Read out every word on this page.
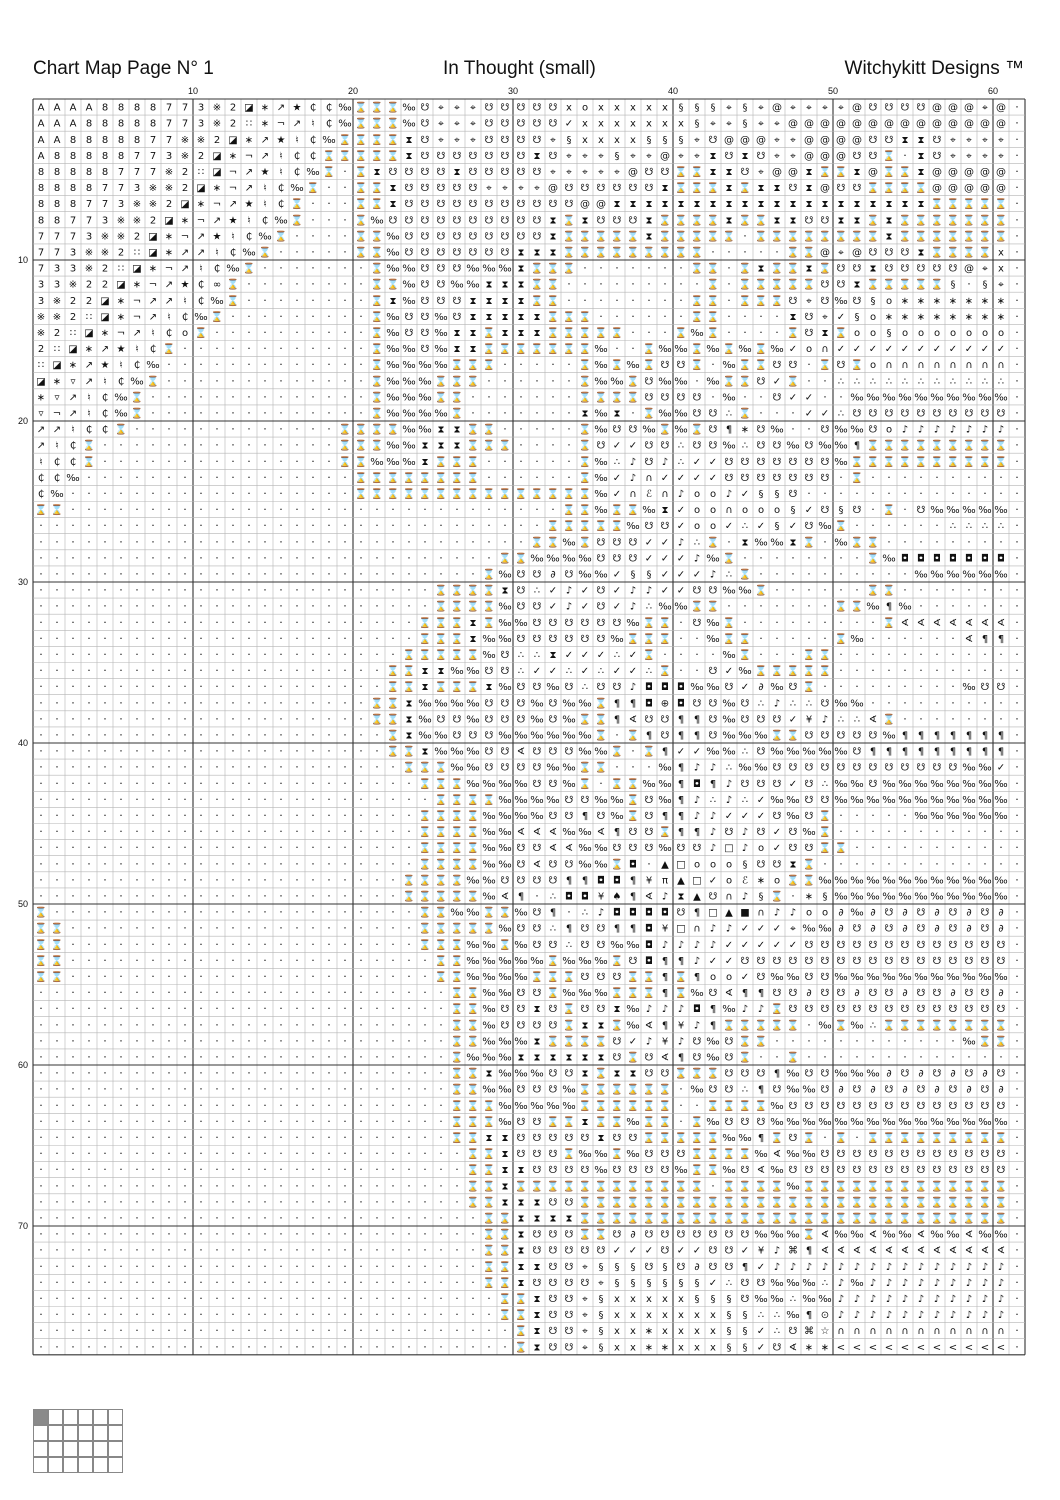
Chart Map Page N° 1	In Thought (small)	Witchykitt Designs ™
10	20	30	40	50	60
10
20
30
40
50
60
70
A A A A 8 8 8 8 7 7 3 ※ 2 ◪ ∗ ↗ ★ ₵ ₵ ‰ ⌛ ⌛ ⌛ ‰ ☋ ⌖ ⌖ ⌖ ☋ ☋ ☋ ☋ ☋ x o x x x x x § § § ⌖ § ⌖ @ ⌖ ⌖ ⌖ ⌖ @ ☋ ☋ ☋ ☋ @ @ @ ⌖ @ ·
A A A 8 8 8 8 8 7 7 3 ※ 2 ∷ ∗ ¬ ↗ ♮ ₵ ‰ ⌛ ⌛ ⌛ ‰ ☋ ⌖ ⌖ ⌖ ☋ ☋ ☋ ☋ ☋ ✓ x x x x x x x § ⌖ ⌖ § ⌖ ⌖ @ @ @ @ @ @ @ @ @ @ @ @ @ @ ·
A A 8 8 8 8 8 7 7 ※ ※ 2 ◪ ∗ ↗ ★ ♮ ₵ ‰ ⌛ ⌛ ⌛ ⌛ ⧗ ☋ ⌖ ⌖ ⌖ ☋ ☋ ☋ ☋ ⌖ § x x x x § § § ⌖ ☋ @ @ @ ⌖ ⌖ @ @ @ @ ☋ ☋ ⧗ ⧗ ☋ ⌖ ⌖ ⌖ ⌖ ·
A 8 8 8 8 8 7 7 3 ※ 2 ◪ ∗ ¬ ↗ ♮ ₵ ₵ ⌛ ⌛ ⌛ ⌛ ⌛ ⧗ ☋ ☋ ☋ ☋ ☋ ☋ ☋ ⧗ ☋ ⌖ ⌖ ⌖ § ⌖ ⌖ @ ⌖ ⌖ ⧗ ☋ ⧗ ☋ ⌖ ⌖ @ @ @ ☋ ☋ ⌛ · ⧗ ☋ ⌖ ⌖ ⌖ ⌖ ·
8 8 8 8 8 7 7 7 ※ 2 ∷ ◪ ¬ ↗ ★ ♮ ₵ ‰ ⌛ · ⌛ ⧗ ☋ ☋ ☋ ☋ ⧗ ☋ ☋ ☋ ☋ ☋ ⌖ ⌖ ⌖ ⌖ ⌖ @ ☋ ☋ ⌛ ⌛ ⧗ ⧗ ☋ ⌖ @ @ ⧗ ⌛ ⌛ ⧗ @ ⌛ ⌛ ⧗ @ @ @ @ @ ·
8 8 8 8 7 7 3 ※ ※ 2 ◪ ∗ ¬ ↗ ♮ ₵ ‰ ⌛ · · ⌛ ⌛ ⧗ ☋ ☋ ☋ ☋ ☋ ⌖ ⌖ ⌖ ⌖ @ ☋ ☋ ☋ ☋ ☋ ☋ ⧗ ⌛ ⌛ ⌛ ⧗ ⌛ ⧗ ⧗ ☋ ⧗ @ ☋ ☋ ⌛ ⌛ ⌛ ⌛ @ @ @ @ @ ·
8 8 8 7 7 3 ※ ※ 2 ◪ ∗ ¬ ↗ ★ ♮ ₵ ⌛ · · · ⌛ ⌛ ⧗ ☋ ☋ ☋ ☋ ☋ ☋ ☋ ☋ ☋ ☋ ☋ @ @ ⧗ ⧗ ⧗ ⧗ ⧗ ⧗ ⧗ ⧗ ⧗ ⧗ ⧗ ⧗ ⧗ ⧗ ⧗ ⧗ ⧗ ⧗ ⧗ ⧗ ⌛ ⌛ ⌛ ⌛ ⌛ ·
8 8 7 7 3 ※ ※ 2 ◪ ∗ ¬ ↗ ★ ♮ ₵ ‰ ⌛ · · · ⌛ ‰ ☋ ☋ ☋ ☋ ☋ ☋ ☋ ☋ ☋ ☋ ⧗ ⌛ ⧗ ☋ ☋ ☋ ⧗ ⌛ ⌛ ⌛ ⌛ ⧗ ⌛ ⌛ ⧗ ⧗ ☋ ☋ ⧗ ⧗ ⌛ ⧗ ⌛ ⌛ ⌛ ⌛ ⌛ ⌛ ⌛ ·
7 7 7 3 ※ ※ 2 ◪ ∗ ¬ ↗ ★ ♮ ₵ ‰ ⌛ · · · · ⌛ ⌛ ‰ ☋ ☋ ☋ ☋ ☋ ☋ ☋ ☋ ☋ ⧗ ⌛ ⌛ ⌛ ⌛ ⌛ ⧗ ⌛ ⌛ ⌛ ⌛ ⌛ · ⌛ ⌛ ⌛ ⌛ ⌛ ⌛ ⌛ ⌛ ⧗ ⌛ ⌛ ⌛ ⌛ ⌛ ⌛ ⌛ ·
7 7 3 ※ ※ 2 ∷ ◪ ∗ ↗ ↗ ♮ ₵ ‰ ⌛ · · · · · ⌛ ⌛ ‰ ☋ ☋ ☋ ☋ ☋ ☋ ☋ ⧗ ⧗ ⧗ ⌛ ⌛ ⌛ ⌛ ⌛ ⌛ ⌛ ⌛ ⌛ · · · · · ⌛ ⌛ @ ⌖ @ ☋ ☋ ☋ ⧗ ⌛ ⌛ ⌛ ⌛ x ·
7 3 3 ※ 2 ∷ ◪ ∗ ¬ ↗ ♮ ₵ ‰ ⌛ · · · · · · · ⌛ ‰ ‰ ☋ ☋ ☋ ‰ ‰ ‰ ⧗ ⌛ ⌛ ⌛ · · · · · · · ⌛ ⌛ · ⌛ ⧗ ⌛ ⌛ ⧗ ⌛ ☋ ☋ ⧗ ☋ ☋ ☋ ☋ ☋ @ ⌖ x ·
3 3 ※ 2 2 ◪ ∗ ¬ ↗ ★ ₵ ∞ ⌛ · · · · · · · · ⌛ ⌛ ‰ ☋ ☋ ‰ ‰ ⧗ ⧗ ⧗ ⌛ ⌛ · · · · · · · · · ⌛ · ⌛ ⌛ ⌛ ⌛ ⌛ ☋ ☋ ⧗ ⌛ ⌛ ⌛ ⌛ ⌛ § · § ⌖ ·
3 ※ 2 2 ◪ ∗ ¬ ↗ ↗ ♮ ₵ ‰ ⌛ · · · · · · · · ⌛ ⧗ ‰ ☋ ☋ ☋ ⧗ ⧗ ⧗ ⧗ ⌛ ⌛ · · · · · · · · ⌛ ⌛ · ⌛ ⌛ ⌛ ☋ ⌖ ☋ ‰ ☋ § o ∗ ∗ ∗ ∗ ∗ ∗ ∗ ·
※ ※ 2 ∷ ◪ ∗ ¬ ↗ ♮ ₵ ‰ ⌛ · · · · · · · · · ⌛ ‰ ☋ ☋ ‰ ☋ ⧗ ⧗ ⧗ ⧗ ⧗ ⌛ ⌛ ⌛ · · · · · · ⌛ ⌛ · · · · ⧗ ☋ ⌖ ✓ § o ∗ ∗ ∗ ∗ ∗ ∗ ∗ ∗ ·
※ 2 ∷ ◪ ∗ ¬ ↗ ♮ ₵ o ⌛ · · · · · · · · · · ⌛ ‰ ☋ ☋ ‰ ⧗ ⧗ ⌛ ⧗ ⧗ ⧗ ⌛ ⌛ ⌛ ⌛ ⌛ · · · ⌛ ‰ ⌛ · · · · ⌛ ☋ ⧗ ⌛ o o § o o o o o o o ·
2 ∷ ◪ ∗ ↗ ★ ♮ ₵ ⌛ · · · · · · · · · · · · ⌛ ‰ ‰ ☋ ‰ ⧗ ⧗ ⌛ ⌛ ⌛ ⌛ ⌛ ⌛ ⌛ ‰ · · ⌛ ‰ ‰ ⌛ ‰ ⌛ ‰ ⌛ ‰ ✓ o ∩ ✓ ✓ ✓ ✓ ✓ ✓ ✓ ✓ ✓ ✓ ✓ ·
∷ ◪ ∗ ↗ ★ ♮ ₵ ‰ · · · · · · · · · · · · · ⌛ ‰ ‰ ‰ ‰ ⌛ ⌛ ⌛ · · · · · ⌛ ‰ ⌛ ‰ ⌛ ☋ ☋ ⌛ · ‰ ⌛ ⌛ ☋ ☋ · ⌛ ☋ ⌛ o ∩ ∩ ∩ ∩ ∩ ∩ ∩ ∩ ·
◪ ∗ ▿ ↗ ♮ ₵ ‰ ⌛ · · · · · · · · · · · · · ⌛ ‰ ‰ ‰ ⌛ ⌛ ⌛ · · · · · · ⌛ ‰ ‰ ⌛ ☋ ‰ ‰ · ‰ ⌛ ⌛ ☋ ✓ ⌛ · · ∴ ∴ ∴ ∴ ∴ ∴ ∴ ∴ ∴ ∴ ∴ ·
∗ ▿ ↗ ♮ ₵ ‰ ⌛ · · · · · · · · · · · · · · ⌛ ‰ ‰ ‰ ⌛ ⌛ · · · · · · · ⌛ ⌛ ⌛ ⌛ ☋ ☋ ☋ ☋ · ‰ · · ☋ ✓ ✓ · · ‰ ‰ ‰ ‰ ‰ ‰ ‰ ‰ ‰ ‰ ·
▿ ¬ ↗ ♮ ₵ ‰ ⌛ · · · · · · · · · · · · · · ⌛ ‰ ‰ ‰ ‰ ⌛ · · · · · · · ⧗ ‰ ⧗ · ⌛ ‰ ‰ ☋ ☋ ∴ ⌛ · · · ✓ ✓ ∴ ☋ ☋ ☋ ☋ ☋ ☋ ☋ ☋ ☋ ☋ ·
↗ ↗ ♮ ₵ ₵ ⌛ · · · · · · · · · · · · · ⌛ ⌛ ⌛ ⌛ ‰ ‰ ⧗ ⧗ ⌛ ⌛ · · · · · ⌛ ‰ ☋ ☋ ‰ ⌛ ‰ ⌛ ☋ ¶ ∗ ☋ ‰ · · ☋ ‰ ‰ ☋ o ♪ ♪ ♪ ♪ ♪ ♪ ♪ ·
↗ ♮ ₵ ⌛ · · · · · · · · · · · · · · · ⌛ ⌛ ⌛ ‰ ‰ ⧗ ⧗ ⧗ ⌛ ⌛ ⌛ · · · · ⌛ ☋ ✓ ✓ ☋ ☋ ∴ ☋ ☋ ‰ ∴ ☋ ☋ ‰ ☋ ‰ ‰ ¶ ⌛ ⌛ ⌛ ⌛ ⌛ ⌛ ⌛ ⌛ ⌛ ·
♮ ₵ ₵ ⌛ · · · · · · · · · · · · · · · ⌛ ⌛ ‰ ‰ ‰ ⧗ ⌛ ⌛ ⌛ · · · · · · ⌛ ‰ ∴ ♪ ☋ ♪ ∴ ✓ ✓ ☋ ☋ ☋ ☋ ☋ ☋ ☋ ‰ ⌛ ⌛ ⌛ ⌛ ⌛ ⌛ ⌛ ⌛ ⌛ ⌛ ·
₵ ₵ ‰ · · · · · · · · · · · · · · · · · ⌛ ⌛ ⌛ ⌛ ⌛ ⌛ ⌛ ⌛ · · · · · · ⌛ ‰ ✓ ♪ ∩ ✓ ✓ ✓ ✓ ☋ ☋ ☋ ☋ ☋ ☋ ☋ · ⌛ · · · · · · · · · ·
₵ ‰ · · · · · · · · · · · · · · · · · · ⌛ ⌛ ⌛ ⌛ ⌛ ⌛ ⌛ ⌛ ⌛ ⌛ ⌛ ⌛ ⌛ ⌛ ⌛ ‰ ✓ ∩ ℰ ∩ ♪ o o ♪ ✓ § § ☋ · · · · · · · · · · · · · ·
⌛ ⌛ · · · · · · · · · · · · · · · · · · · · · · · · · · · · · · · ⌛ ⌛ ‰ ⌛ ⌛ ‰ ⧗ ✓ o o ∩ o o o § ✓ ☋ § ☋ · ⌛ · ☋ ‰ ‰ ‰ ‰ ‰ ·
· · · · · · · · · · · · · · · · · · · · · · · · · · · · · · · · ⌛ ⌛ ⌛ ⌛ ⌛ ‰ ☋ ☋ ✓ o o ✓ ∴ ✓ § ✓ ☋ ‰ ⌛ · · · · · · ∴ ∴ ∴ ∴ ·
· · · · · · · · · · · · · · · · · · · · · · · · · · · · · · · ⌛ ⌛ ‰ ⌛ ☋ ☋ ☋ ✓ ✓ ♪ ∴ ⌛ · ⧗ ‰ ‰ ⧗ ⌛ · ‰ ⌛ ⌛ · · · · · · · · ·
· · · · · · · · · · · · · · · · · · · · · · · · · · · · · ⌛ ⌛ ‰ ‰ ‰ ‰ ☋ ☋ ☋ ✓ ✓ ✓ ♪ ‰ ⌛ · · · · · · · · ⌛ ‰ ◘ ◘ ◘ ◘ ◘ ◘ ◘ ·
· · · · · · · · · · · · · · · · · · · · · · · · · · · · ⌛ ‰ ☋ ☋ ∂ ☋ ‰ ‰ ✓ § § ✓ ✓ ✓ ♪ ∴ ⌛ · · · · · · · · · · ‰ ‰ ‰ ‰ ‰ ‰ ·
· · · · · · · · · · · · · · · · · · · · · · · · · ⌛ ⌛ ⌛ ⌛ ⧗ ☋ ∴ ✓ ♪ ✓ ☋ ✓ ♪ ♪ ✓ ✓ ☋ ☋ ‰ ‰ ⌛ · · · · · · ⌛ ⌛ · · · · · · · ·
· · · · · · · · · · · · · · · · · · · · · · · · · ⌛ ⌛ ⌛ ⌛ ‰ ☋ ☋ ✓ ♪ ✓ ☋ ✓ ♪ ∴ ‰ ‰ ⌛ ⌛ · · · · · · · ⌛ ⌛ ‰ ¶ ‰ · · · · · · ·
· · · · · · · · · · · · · · · · · · · · · · · · ⌛ ⌛ ⌛ ⧗ ⌛ ‰ ‰ ☋ ☋ ☋ ☋ ☋ ☋ ‰ ⌛ ⌛ · ☋ ‰ ⌛ · · · · · · · · · ⌛ ∢ ∢ ∢ ∢ ∢ ∢ ∢ ·
· · · · · · · · · · · · · · · · · · · · · · · · ⌛ ⌛ ⌛ ⧗ ‰ ‰ ☋ ☋ ☋ ☋ ☋ ☋ ‰ ⌛ ⌛ ⌛ · · ‰ ⌛ ⌛ · · · · · ⌛ ‰ · · · · · · ∢ ¶ ¶ ·
· · · · · · · · · · · · · · · · · · · · · · · ⌛ ⌛ ⌛ ⌛ ⌛ ‰ ☋ ∴ ∴ ⧗ ✓ ✓ ✓ ∴ ✓ ⌛ · · · · ‰ ⌛ · · · ⌛ ⌛ · · · · · · · · · · · ·
· · · · · · · · · · · · · · · · · · · · · · ⌛ ⌛ ⧗ ⧗ ‰ ‰ ☋ ☋ ∴ ✓ ✓ ∴ ✓ ∴ ✓ ✓ ∴ ⌛ · · ☋ ✓ ‰ ⌛ ⌛ ⌛ ⌛ ⌛ · · · · · · · · · · · ·
· · · · · · · · · · · · · · · · · · · · · · ⌛ ⌛ ⧗ ⌛ ⌛ ⌛ ⧗ ‰ ☋ ☋ ‰ ☋ ∴ ☋ ☋ ♪ ◘ ◘ ◘ ‰ ‰ ☋ ✓ ∂ ‰ ☋ ⌛ · · · · · · · · · ‰ ☋ ☋ ·
· · · · · · · · · · · · · · · · · · · · · ⌛ ⌛ ⧗ ‰ ‰ ‰ ‰ ☋ ☋ ☋ ‰ ☋ ‰ ‰ ⌛ ¶ ¶ ◘ ⊕ ◘ ☋ ☋ ‰ ☋ ∴ ♪ ∴ ∴ ☋ ‰ ‰ · · · · · · · · · ·
· · · · · · · · · · · · · · · · · · · · · ⌛ ⌛ ⧗ ‰ ☋ ☋ ‰ ☋ ☋ ☋ ‰ ☋ ‰ ⌛ ⌛ ¶ ∢ ☋ ☋ ¶ ¶ ☋ ‰ ☋ ☋ ☋ ✓ ¥ ♪ ∴ ∴ ∢ ⌛ · · · · · · · ·
· · · · · · · · · · · · · · · · · · · · · · ⌛ ⧗ ‰ ‰ ☋ ☋ ☋ ‰ ‰ ‰ ‰ ‰ ‰ ⌛ · ⌛ ¶ ☋ ¶ ¶ ☋ ‰ ‰ ‰ ⌛ ⌛ ☋ ☋ ☋ ☋ ☋ ‰ ¶ ¶ ¶ ¶ ¶ ¶ ¶ ·
· · · · · · · · · · · · · · · · · · · · · · ⌛ ⌛ ⧗ ‰ ‰ ‰ ☋ ☋ ∢ ☋ ☋ ☋ ‰ ‰ ⌛ · ⌛ ¶ ✓ ✓ ‰ ‰ ∴ ☋ ‰ ‰ ‰ ‰ ‰ ☋ ¶ ¶ ¶ ¶ ¶ ¶ ¶ ¶ ¶ ·
· · · · · · · · · · · · · · · · · · · · · · · ⌛ ⌛ ⌛ ‰ ‰ ☋ ☋ ☋ ☋ ‰ ‰ ⌛ ⌛ · · · ‰ ¶ ♪ ♪ ∴ ‰ ‰ ☋ ☋ ☋ ☋ ☋ ☋ ☋ ☋ ☋ ☋ ☋ ☋ ‰ ‰ ✓ ·
· · · · · · · · · · · · · · · · · · · · · · · · ⌛ ⌛ ⌛ ‰ ‰ ‰ ‰ ☋ ☋ ‰ ⌛ · ⌛ ⌛ ‰ ‰ ¶ ◘ ¶ ♪ ☋ ☋ ☋ ✓ ☋ ∴ ‰ ‰ ☋ ‰ ‰ ‰ ‰ ‰ ‰ ‰ ‰ ·
· · · · · · · · · · · · · · · · · · · · · · · · · ⌛ ⌛ ⌛ ⌛ ‰ ‰ ‰ ‰ ☋ ☋ ‰ ‰ ⌛ ☋ ‰ ¶ ♪ ∴ ♪ ∴ ✓ ‰ ‰ ☋ ☋ ‰ ‰ ‰ ‰ ‰ ‰ ‰ ‰ ‰ ‰ ‰ ·
· · · · · · · · · · · · · · · · · · · · · · · · ⌛ ⌛ ⌛ ⌛ ‰ ‰ ‰ ‰ ☋ ☋ ¶ ☋ ‰ ⌛ ☋ ¶ ¶ ♪ ♪ ✓ ✓ ✓ ☋ ‰ ☋ ⌛ · · · · · ‰ ‰ ‰ ‰ ‰ ‰ ·
· · · · · · · · · · · · · · · · · · · · · · · · ⌛ ⌛ ⌛ ⌛ ‰ ‰ ∢ ∢ ∢ ‰ ‰ ∢ ¶ ☋ ☋ ⌛ ¶ ¶ ♪ ☋ ♪ ☋ ✓ ☋ ‰ ⌛ · · · · · · · · · · · ·
· · · · · · · · · · · · · · · · · · · · · · · · ⌛ ⌛ ⌛ ⌛ ‰ ‰ ☋ ☋ ∢ ∢ ‰ ‰ ☋ ☋ ☋ ‰ ☋ ☋ ♪ □ ♪ o ✓ ☋ ☋ ⌛ ⌛ · · · · · · · · · · ·
· · · · · · · · · · · · · · · · · · · · · · · · ⌛ ⌛ ⌛ ⌛ ‰ ‰ ☋ ∢ ☋ ☋ ‰ ‰ ⌛ ◘ · ▲ □ o o o § ☋ ☋ ⧗ ⌛ · · · · · · · · · · · · ·
· · · · · · · · · · · · · · · · · · · · · · · ⌛ ⌛ ⌛ ⌛ ‰ ‰ ☋ ☋ ☋ ☋ ¶ ¶ ◘ ◘ ¶ ¥ π ▲ □ ✓ o ℰ ∗ o ⌛ ⌛ ‰ ‰ ‰ ‰ ‰ ‰ ‰ ‰ ‰ ‰ ‰ ‰ ·
· · · · · · · · · · · · · · · · · · · · · · · ⌛ ⌛ ⌛ ⌛ ⌛ ‰ ∢ ¶ · ∴ ◘ ◘ ¥ ♠ ¶ ∢ ♪ ⧗ ▲ ☋ ∩ ♪ § ⌛ · ∗ § ‰ ‰ ‰ ‰ ‰ ‰ ‰ ‰ ‰ ‰ ‰ ·
⌛ · · · · · · · · · · · · · · · · · · · · · · · ⌛ ⌛ ‰ ‰ ⌛ ⌛ ‰ ☋ ¶ · ∴ ♪ ◘ ◘ ◘ ◘ ☋ ¶ □ ▲ ■ ∩ ♪ ♪ o o ∂ ‰ ∂ ☋ ∂ ☋ ∂ ☋ ∂ ☋ ∂ ·
⌛ ⌛ · · · · · · · · · · · · · · · · · · · · · · ⌛ ⌛ ⌛ ⌛ ⌛ ‰ ☋ ☋ ∴ ¶ ☋ ☋ ¶ ¶ ◘ ¥ □ ∩ ♪ ♪ ✓ ✓ ✓ ⌖ ‰ ‰ ∂ ☋ ∂ ☋ ∂ ☋ ∂ ☋ ∂ ☋ ∂ ·
⌛ ⌛ · · · · · · · · · · · · · · · · · · · · · · ⌛ ⌛ ⌛ ‰ ‰ ⌛ ‰ ☋ ☋ ∴ ☋ ☋ ‰ ‰ ◘ ♪ ♪ ♪ ♪ ✓ ✓ ✓ ✓ ✓ ☋ ☋ ☋ ☋ ☋ ☋ ☋ ☋ ☋ ☋ ☋ ☋ ☋ ·
⌛ ⌛ · · · · · · · · · · · · · · · · · · · · · · · ⌛ ⌛ ‰ ‰ ‰ ‰ ‰ ⌛ ‰ ‰ ‰ ⌛ ☋ ◘ ¶ ¶ ♪ ✓ ✓ ☋ ☋ ☋ ☋ ☋ ☋ ☋ ☋ ☋ ☋ ☋ ☋ ☋ ☋ ☋ ☋ ☋ ·
⌛ ⌛ · · · · · · · · · · · · · · · · · · · · · · · ⌛ ⌛ ‰ ‰ ‰ ‰ ⌛ ⌛ ⌛ ☋ ☋ ☋ ⌛ ⌛ ¶ ⌛ ¶ o o ✓ ☋ ‰ ‰ ☋ ☋ ‰ ‰ ‰ ‰ ‰ ‰ ‰ ‰ ‰ ‰ ‰ ·
· · · · · · · · · · · · · · · · · · · · · · · · · · ⌛ ⌛ ‰ ‰ ☋ ☋ ⌛ ‰ ‰ ‰ ⌛ ⌛ ⌛ ¶ ⌛ ‰ ☋ ∢ ¶ ¶ ☋ ☋ ∂ ☋ ☋ ∂ ☋ ☋ ∂ ☋ ☋ ∂ ☋ ☋ ∂ ·
· · · · · · · · · · · · · · · · · · · · · · · · · · ⌛ ⌛ ‰ ☋ ☋ ⧗ ☋ ⌛ ☋ ☋ ⧗ ‰ ♪ ♪ ♪ ◘ ¶ ‰ ♪ ♪ ⌛ ☋ ☋ ☋ ☋ ☋ ☋ ☋ ☋ ☋ ☋ ☋ ☋ ☋ ☋ ·
· · · · · · · · · · · · · · · · · · · · · · · · · · ⌛ ⌛ ‰ ☋ ☋ ☋ ☋ ⌛ ⧗ ⧗ ⌛ ‰ ∢ ¶ ¥ ♪ ¶ ⌛ ⌛ ⌛ ⌛ ⌛ · ‰ ⌛ ‰ ∴ ⌛ ⌛ ⌛ ⌛ ⌛ ⌛ ⌛ ⌛ ·
· · · · · · · · · · · · · · · · · · · · · · · · · · ⌛ ⌛ ‰ ‰ ‰ ⧗ ⌛ ⌛ ⌛ ⌛ ☋ ✓ ♪ ¥ ♪ ☋ ‰ ☋ ⌛ ⌛ · · · · · · · · · · · · ‰ ⌛ ⌛ ·
· · · · · · · · · · · · · · · · · · · · · · · · · · ⌛ ‰ ‰ ‰ ⧗ ⧗ ⧗ ⧗ ⧗ ⧗ ☋ ⌛ ☋ ∢ ¶ ☋ ‰ ☋ ⌛ · · ⌛ · · · · · · · · · · · · · ·
· · · · · · · · · · · · · · · · · · · · · · · · · · ⌛ ⌛ ⧗ ‰ ‰ ‰ ☋ ☋ ⧗ ⌛ ⧗ ⧗ ☋ ☋ ⌛ ⌛ ⌛ ☋ ☋ ☋ ¶ ‰ ☋ ☋ ‰ ‰ ‰ ∂ ☋ ∂ ☋ ∂ ☋ ∂ ☋ ·
· · · · · · · · · · · · · · · · · · · · · · · · · · ⌛ ⌛ ‰ ‰ ☋ ☋ ☋ ‰ ⌛ ⌛ ⌛ ⌛ ⌛ ⌛ · ‰ ☋ ☋ ∴ ¶ ☋ ‰ ‰ ☋ ∂ ☋ ∂ ☋ ∂ ☋ ∂ ☋ ∂ ☋ ∂ ·
· · · · · · · · · · · · · · · · · · · · · · · · · · ⌛ ⌛ ⌛ ‰ ‰ ‰ ‰ ‰ ⌛ ⌛ ⌛ ⌛ ⌛ ⌛ · · ⌛ ⌛ ⌛ ⌛ ‰ ☋ ☋ ☋ ☋ ☋ ☋ ☋ ☋ ☋ ☋ ☋ ☋ ☋ ☋ ·
· · · · · · · · · · · · · · · · · · · · · · · · · · ⌛ ⌛ ⌛ ‰ ☋ ☋ ⌛ ⌛ ⧗ ⌛ ⌛ ‰ ⌛ ⌛ · ⌛ ‰ ☋ ☋ ☋ ‰ ‰ ‰ ‰ ‰ ‰ ‰ ‰ ‰ ‰ ‰ ‰ ‰ ‰ ‰ ·
· · · · · · · · · · · · · · · · · · · · · · · · · · ⌛ ⌛ ⧗ ⧗ ☋ ☋ ☋ ☋ ☋ ⧗ ☋ ☋ ⌛ ⌛ ⌛ ⌛ ⌛ ‰ ‰ ¶ ⌛ ☋ ⌛ · ⌛ · ⌛ ⌛ ⌛ ⌛ ⌛ ⌛ ⌛ ⌛ ⌛ ·
· · · · · · · · · · · · · · · · · · · · · · · · · · · ⌛ ⌛ ⧗ ☋ ☋ ☋ ⌛ ‰ ‰ ⌛ ‰ ☋ ☋ ☋ ⌛ ⌛ ⌛ ⌛ ‰ ∢ ‰ ‰ ☋ ☋ ☋ ☋ ☋ ☋ ☋ ☋ ☋ ☋ ☋ ☋ ·
· · · · · · · · · · · · · · · · · · · · · · · · · · · ⌛ ⌛ ⧗ ⧗ ☋ ☋ ☋ ☋ ‰ ☋ ☋ ☋ ☋ ‰ ⌛ ⌛ ‰ ☋ ∢ ‰ ☋ ☋ ☋ ☋ ☋ ☋ ☋ ☋ ☋ ☋ ☋ ☋ ☋ ☋ ·
· · · · · · · · · · · · · · · · · · · · · · · · · · · ⌛ ⌛ ⧗ ⌛ ⌛ ⌛ ⌛ ⌛ ⌛ ⌛ ⌛ ⌛ ⌛ ⌛ ⌛ · ⌛ ⌛ ⌛ ⌛ ‰ ⌛ ⌛ ⌛ ⌛ ⌛ ⌛ ⌛ ⌛ ⌛ ⌛ ⌛ ⌛ ⌛ ·
· · · · · · · · · · · · · · · · · · · · · · · · · · · ⌛ ⌛ ⧗ ⧗ ⧗ ☋ ☋ ⌛ ⌛ ⌛ ⌛ ⌛ ⌛ ⌛ ⌛ ⌛ ⌛ ⌛ ⌛ ⌛ ⌛ ⌛ ⌛ ⌛ ⌛ ⌛ ⌛ ⌛ ⌛ ⌛ ⌛ ⌛ ⌛ ⌛ ·
· · · · · · · · · · · · · · · · · · · · · · · · · · · · ⌛ ⌛ ⧗ ⧗ ⧗ ⧗ ⌛ ⌛ ⌛ ⌛ ⌛ ⌛ ⌛ ⌛ ⌛ ⌛ ⌛ ⌛ ⌛ ⌛ ⌛ ⌛ ⌛ ⌛ ⌛ ⌛ ⌛ ⌛ ⌛ ⌛ ⌛ ⌛ ⌛ ·
· · · · · · · · · · · · · · · · · · · · · · · · · · · · ⌛ ⌛ ⧗ ☋ ☋ ☋ ⌛ ⌛ ☋ ∂ ☋ ☋ ☋ ☋ ☋ ☋ ☋ ‰ ‰ ‰ ⌛ ∢ ‰ ‰ ∢ ‰ ‰ ∢ ‰ ‰ ∢ ‰ ‰ ·
· · · · · · · · · · · · · · · · · · · · · · · · · · · · ⌛ ⌛ ⧗ ☋ ☋ ☋ ☋ ☋ ✓ ✓ ✓ ☋ ✓ ✓ ☋ ☋ ✓ ¥ ♪ ⌘ ¶ ∢ ∢ ∢ ∢ ∢ ∢ ∢ ∢ ∢ ∢ ∢ ∢ ·
· · · · · · · · · · · · · · · · · · · · · · · · · · · · ⌛ ⌛ ⧗ ⧗ ☋ ☋ ⌖ § § § ☋ § ☋ ∂ ☋ ☋ ¶ ✓ ♪ ♪ ♪ ♪ ♪ ♪ ♪ ♪ ♪ ♪ ♪ ♪ ♪ ♪ ♪ ·
· · · · · · · · · · · · · · · · · · · · · · · · · · · · ⌛ ⌛ ⧗ ☋ ☋ ☋ ☋ ⌖ § § § § § § ✓ ∴ ☋ ☋ ‰ ‰ ‰ ∴ ♪ ‰ ♪ ♪ ♪ ♪ ♪ ♪ ♪ ♪ ♪ ·
· · · · · · · · · · · · · · · · · · · · · · · · · · · · · ⌛ ⌛ ⧗ ☋ ☋ ⌖ § x x x x x § § § ☋ ‰ ‰ ∴ ‰ ‰ ♪ ♪ ♪ ♪ ♪ ♪ ♪ ♪ ♪ ♪ ♪ ·
· · · · · · · · · · · · · · · · · · · · · · · · · · · · · ⌛ ⌛ ⧗ ☋ ☋ ⌖ § x x x x x x x § § ∴ ∴ ‰ ¶ ⊙ ♪ ♪ ♪ ♪ ♪ ♪ ♪ ♪ ♪ ♪ ♪ ·
· · · · · · · · · · · · · · · · · · · · · · · · · · · · · · ⌛ ⧗ ☋ ☋ ⌖ § x x ∗ x x x x § § ✓ ∴ ☋ ⌘ ☆ ∩ ∩ ∩ ∩ ∩ ∩ ∩ ∩ ∩ ∩ ∩ ·
· · · · · · · · · · · · · · · · · · · · · · · · · · · · · · ⌛ ⧗ ☋ ☋ ⌖ § x x ∗ ∗ x x x § § ✓ ☋ ∢ ∗ ∗ < < < < < < < < < < < ·
